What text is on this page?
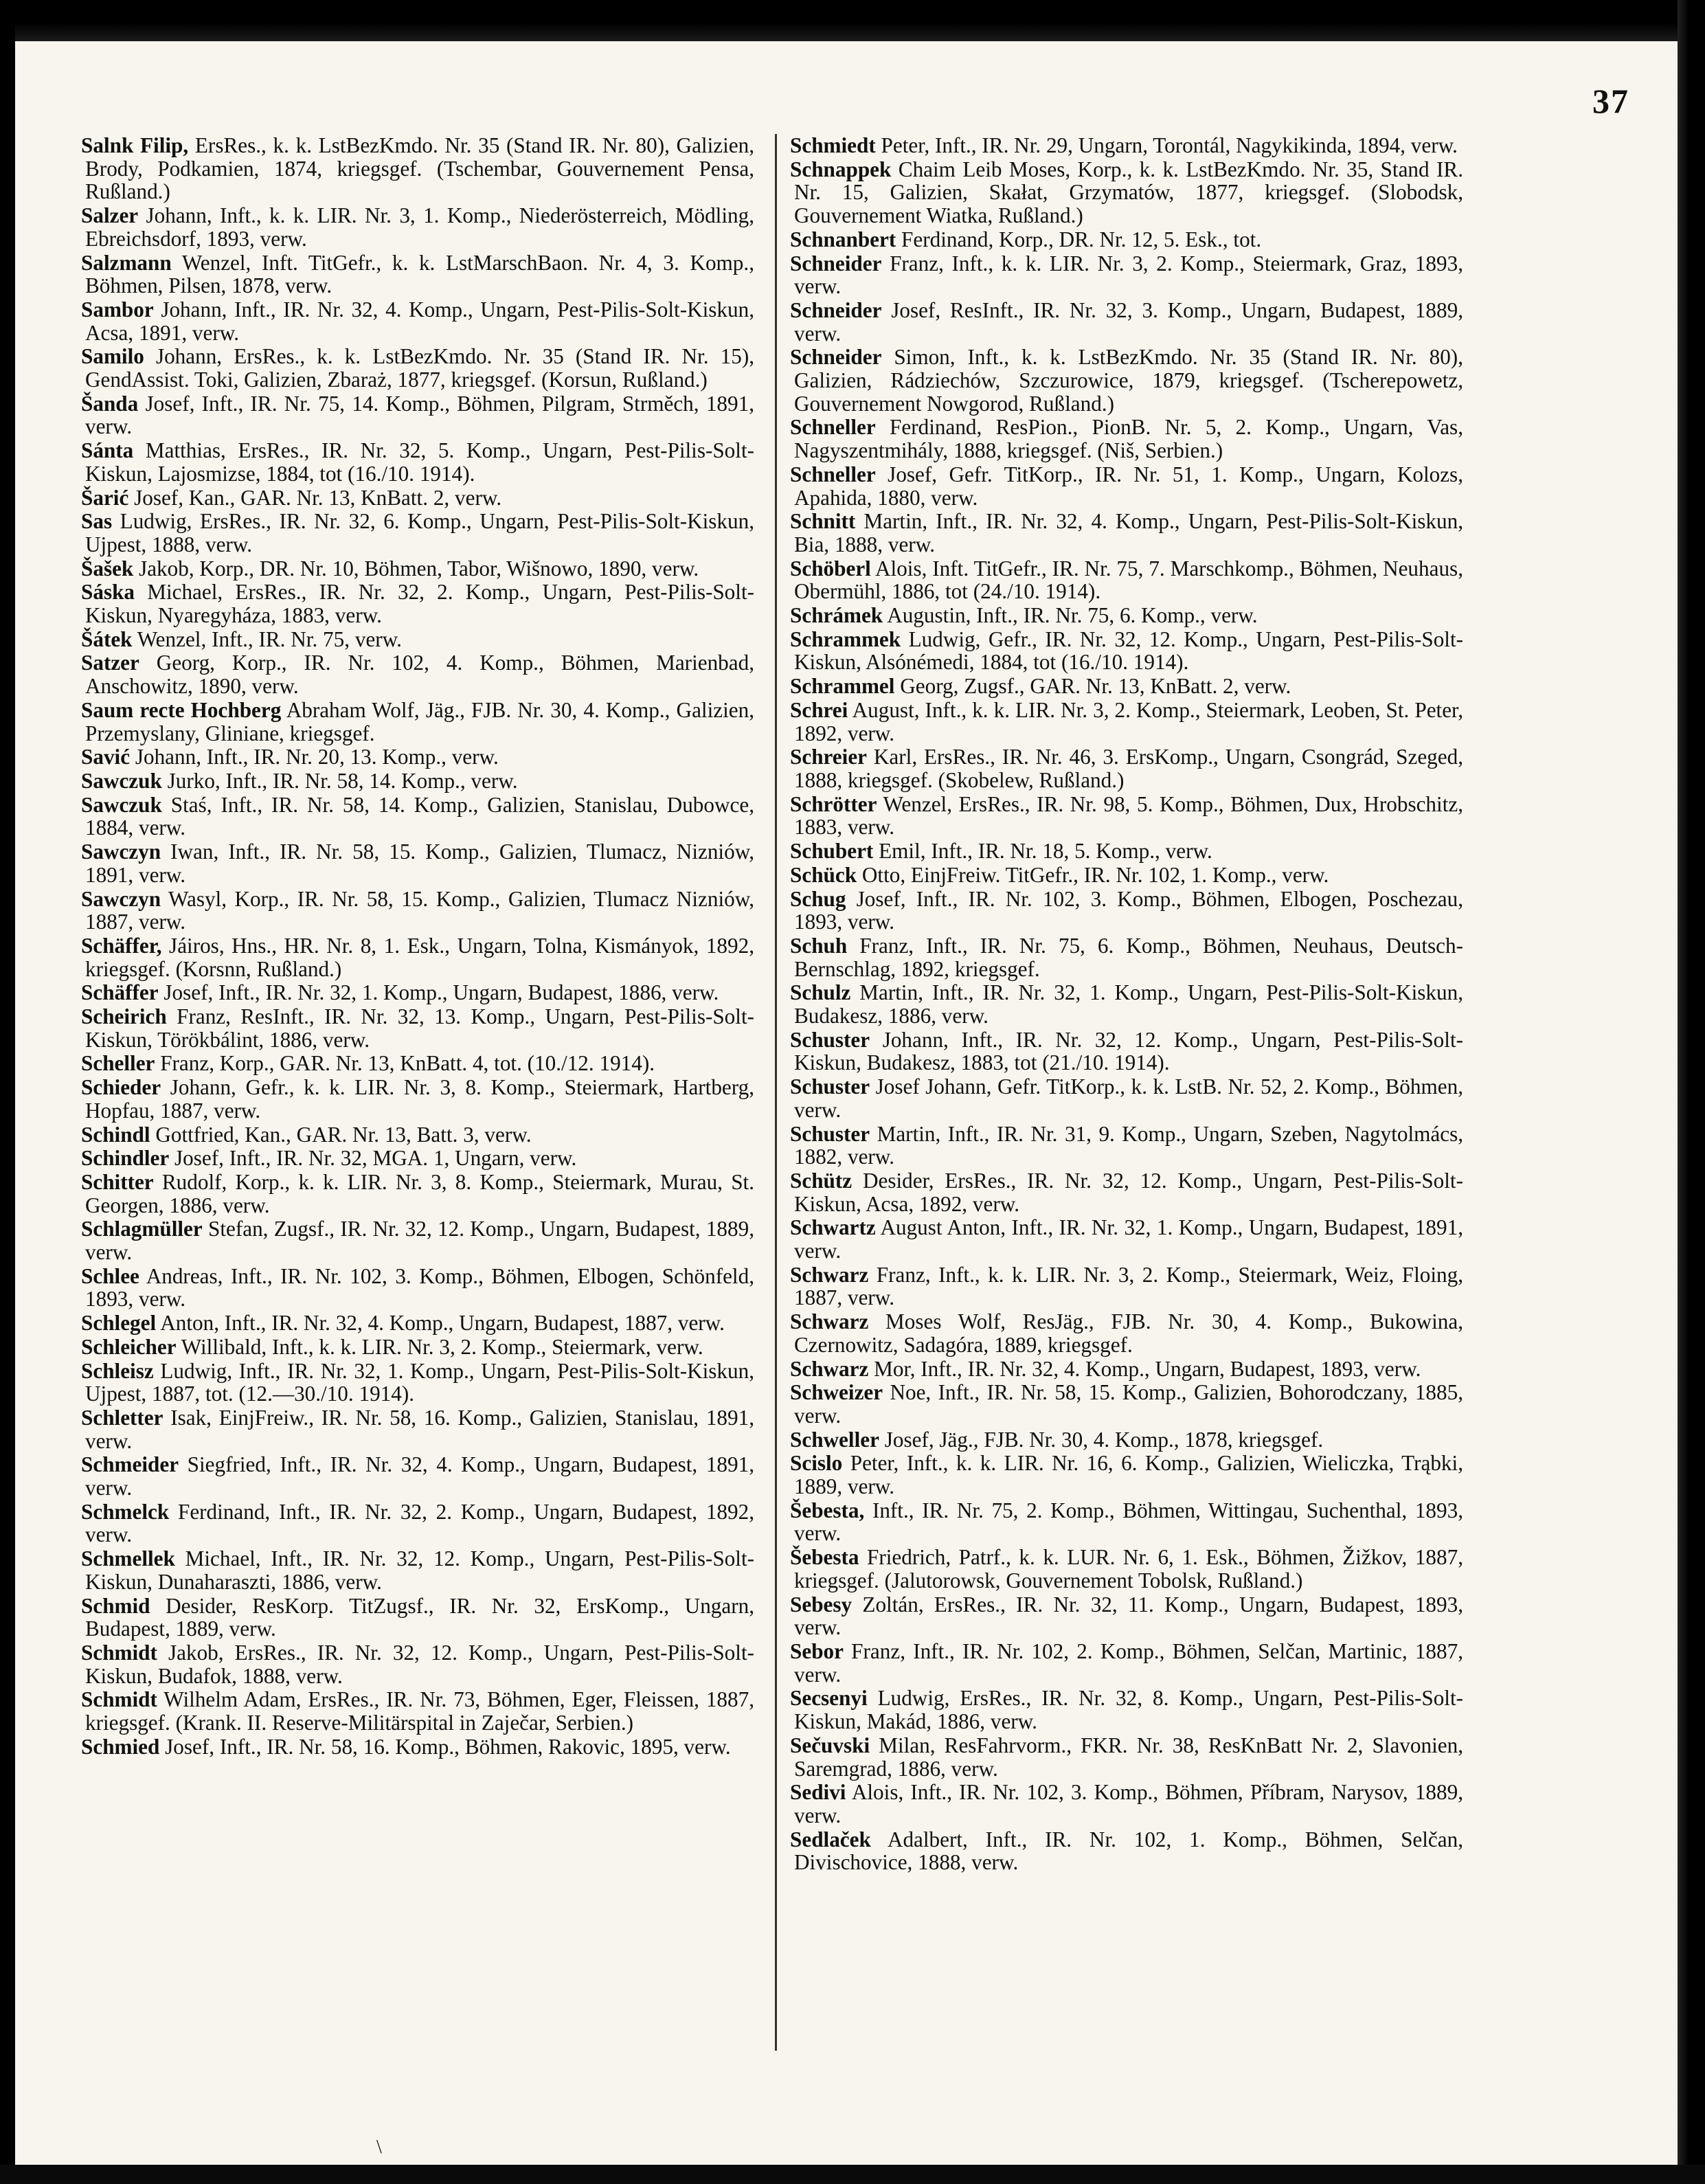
37

Salnk Filip, ErsRes., k. k. LstBezKmdo. Nr. 35 (Stand IR. Nr. 80), Galizien, Brody, Podkamien, 1874, kriegsgef. (Tschembar, Gouvernement Pensa, Rußland.)

Salzer Johann, Inft., k. k. LIR. Nr. 3, 1. Komp., Niederösterreich, Mödling, Ebreichsdorf, 1893, verw.

Salzmann Wenzel, Inft. TitGefr., k. k. LstMarschBaon. Nr. 4, 3. Komp., Böhmen, Pilsen, 1878, verw.

Sambor Johann, Inft., IR. Nr. 32, 4. Komp., Ungarn, Pest-Pilis-Solt-Kiskun, Acsa, 1891, verw.

Samilo Johann, ErsRes., k. k. LstBezKmdo. Nr. 35 (Stand IR. Nr. 15), GendAssist. Toki, Galizien, Zbaraż, 1877, kriegsgef. (Korsun, Rußland.)

Šanda Josef, Inft., IR. Nr. 75, 14. Komp., Böhmen, Pilgram, Strměch, 1891, verw.

Sánta Matthias, ErsRes., IR. Nr. 32, 5. Komp., Ungarn, Pest-Pilis-Solt-Kiskun, Lajosmizse, 1884, tot (16./10. 1914).

Šarić Josef, Kan., GAR. Nr. 13, KnBatt. 2, verw.

Sas Ludwig, ErsRes., IR. Nr. 32, 6. Komp., Ungarn, Pest-Pilis-Solt-Kiskun, Ujpest, 1888, verw.

Šašek Jakob, Korp., DR. Nr. 10, Böhmen, Tabor, Wišnowo, 1890, verw.

Sáska Michael, ErsRes., IR. Nr. 32, 2. Komp., Ungarn, Pest-Pilis-Solt-Kiskun, Nyaregyháza, 1883, verw.

Šátek Wenzel, Inft., IR. Nr. 75, verw.

Satzer Georg, Korp., IR. Nr. 102, 4. Komp., Böhmen, Marienbad, Anschowitz, 1890, verw.

Saum recte Hochberg Abraham Wolf, Jäg., FJB. Nr. 30, 4. Komp., Galizien, Przemyslany, Gliniane, kriegsgef.

Savić Johann, Inft., IR. Nr. 20, 13. Komp., verw.

Sawczuk Jurko, Inft., IR. Nr. 58, 14. Komp., verw.

Sawczuk Staś, Inft., IR. Nr. 58, 14. Komp., Galizien, Stanislau, Dubowce, 1884, verw.

Sawczyn Iwan, Inft., IR. Nr. 58, 15. Komp., Galizien, Tlumacz, Nizniów, 1891, verw.

Sawczyn Wasyl, Korp., IR. Nr. 58, 15. Komp., Galizien, Tlumacz Nizniów, 1887, verw.

Schäffer, Jáiros, Hns., HR. Nr. 8, 1. Esk., Ungarn, Tolna, Kismányok, 1892, kriegsgef. (Korsnn, Rußland.)

Schäffer Josef, Inft., IR. Nr. 32, 1. Komp., Ungarn, Budapest, 1886, verw.

Scheirich Franz, ResInft., IR. Nr. 32, 13. Komp., Ungarn, Pest-Pilis-Solt-Kiskun, Törökbálint, 1886, verw.

Scheller Franz, Korp., GAR. Nr. 13, KnBatt. 4, tot. (10./12. 1914).

Schieder Johann, Gefr., k. k. LIR. Nr. 3, 8. Komp., Steiermark, Hartberg, Hopfau, 1887, verw.

Schindl Gottfried, Kan., GAR. Nr. 13, Batt. 3, verw.

Schindler Josef, Inft., IR. Nr. 32, MGA. 1, Ungarn, verw.

Schitter Rudolf, Korp., k. k. LIR. Nr. 3, 8. Komp., Steiermark, Murau, St. Georgen, 1886, verw.

Schlagmüller Stefan, Zugsf., IR. Nr. 32, 12. Komp., Ungarn, Budapest, 1889, verw.

Schlee Andreas, Inft., IR. Nr. 102, 3. Komp., Böhmen, Elbogen, Schönfeld, 1893, verw.

Schlegel Anton, Inft., IR. Nr. 32, 4. Komp., Ungarn, Budapest, 1887, verw.

Schleicher Willibald, Inft., k. k. LIR. Nr. 3, 2. Komp., Steiermark, verw.

Schleisz Ludwig, Inft., IR. Nr. 32, 1. Komp., Ungarn, Pest-Pilis-Solt-Kiskun, Ujpest, 1887, tot. (12.—30./10. 1914).

Schletter Isak, EinjFreiw., IR. Nr. 58, 16. Komp., Galizien, Stanislau, 1891, verw.

Schmeider Siegfried, Inft., IR. Nr. 32, 4. Komp., Ungarn, Budapest, 1891, verw.

Schmelck Ferdinand, Inft., IR. Nr. 32, 2. Komp., Ungarn, Budapest, 1892, verw.

Schmellek Michael, Inft., IR. Nr. 32, 12. Komp., Ungarn, Pest-Pilis-Solt-Kiskun, Dunaharaszti, 1886, verw.

Schmid Desider, ResKorp. TitZugsf., IR. Nr. 32, ErsKomp., Ungarn, Budapest, 1889, verw.

Schmidt Jakob, ErsRes., IR. Nr. 32, 12. Komp., Ungarn, Pest-Pilis-Solt-Kiskun, Budafok, 1888, verw.

Schmidt Wilhelm Adam, ErsRes., IR. Nr. 73, Böhmen, Eger, Fleissen, 1887, kriegsgef. (Krank. II. Reserve-Militärspital in Zaječar, Serbien.)

Schmied Josef, Inft., IR. Nr. 58, 16. Komp., Böhmen, Rakovic, 1895, verw.

Schmiedt Peter, Inft., IR. Nr. 29, Ungarn, Torontál, Nagykikinda, 1894, verw.

Schnappek Chaim Leib Moses, Korp., k. k. LstBezKmdo. Nr. 35, Stand IR. Nr. 15, Galizien, Skałat, Grzymatów, 1877, kriegsgef. (Slobodsk, Gouvernement Wiatka, Rußland.)

Schnanbert Ferdinand, Korp., DR. Nr. 12, 5. Esk., tot.

Schneider Franz, Inft., k. k. LIR. Nr. 3, 2. Komp., Steiermark, Graz, 1893, verw.

Schneider Josef, ResInft., IR. Nr. 32, 3. Komp., Ungarn, Budapest, 1889, verw.

Schneider Simon, Inft., k. k. LstBezKmdo. Nr. 35 (Stand IR. Nr. 80), Galizien, Rádziechów, Szczurowice, 1879, kriegsgef. (Tscherepowetz, Gouvernement Nowgorod, Rußland.)

Schneller Ferdinand, ResPion., PionB. Nr. 5, 2. Komp., Ungarn, Vas, Nagyszentmihály, 1888, kriegsgef. (Niš, Serbien.)

Schneller Josef, Gefr. TitKorp., IR. Nr. 51, 1. Komp., Ungarn, Kolozs, Apahida, 1880, verw.

Schnitt Martin, Inft., IR. Nr. 32, 4. Komp., Ungarn, Pest-Pilis-Solt-Kiskun, Bia, 1888, verw.

Schöberl Alois, Inft. TitGefr., IR. Nr. 75, 7. Marschkomp., Böhmen, Neuhaus, Obermühl, 1886, tot (24./10. 1914).

Schrámek Augustin, Inft., IR. Nr. 75, 6. Komp., verw.

Schrammek Ludwig, Gefr., IR. Nr. 32, 12. Komp., Ungarn, Pest-Pilis-Solt-Kiskun, Alsónémedi, 1884, tot (16./10. 1914).

Schrammel Georg, Zugsf., GAR. Nr. 13, KnBatt. 2, verw.

Schrei August, Inft., k. k. LIR. Nr. 3, 2. Komp., Steiermark, Leoben, St. Peter, 1892, verw.

Schreier Karl, ErsRes., IR. Nr. 46, 3. ErsKomp., Ungarn, Csongrád, Szeged, 1888, kriegsgef. (Skobelew, Rußland.)

Schrötter Wenzel, ErsRes., IR. Nr. 98, 5. Komp., Böhmen, Dux, Hrobschitz, 1883, verw.

Schubert Emil, Inft., IR. Nr. 18, 5. Komp., verw.

Schück Otto, EinjFreiw. TitGefr., IR. Nr. 102, 1. Komp., verw.

Schug Josef, Inft., IR. Nr. 102, 3. Komp., Böhmen, Elbogen, Poschezau, 1893, verw.

Schuh Franz, Inft., IR. Nr. 75, 6. Komp., Böhmen, Neuhaus, Deutsch-Bernschlag, 1892, kriegsgef.

Schulz Martin, Inft., IR. Nr. 32, 1. Komp., Ungarn, Pest-Pilis-Solt-Kiskun, Budakesz, 1886, verw.

Schuster Johann, Inft., IR. Nr. 32, 12. Komp., Ungarn, Pest-Pilis-Solt-Kiskun, Budakesz, 1883, tot (21./10. 1914).

Schuster Josef Johann, Gefr. TitKorp., k. k. LstB. Nr. 52, 2. Komp., Böhmen, verw.

Schuster Martin, Inft., IR. Nr. 31, 9. Komp., Ungarn, Szeben, Nagytolmács, 1882, verw.

Schütz Desider, ErsRes., IR. Nr. 32, 12. Komp., Ungarn, Pest-Pilis-Solt-Kiskun, Acsa, 1892, verw.

Schwartz August Anton, Inft., IR. Nr. 32, 1. Komp., Ungarn, Budapest, 1891, verw.

Schwarz Franz, Inft., k. k. LIR. Nr. 3, 2. Komp., Steiermark, Weiz, Floing, 1887, verw.

Schwarz Moses Wolf, ResJäg., FJB. Nr. 30, 4. Komp., Bukowina, Czernowitz, Sadagóra, 1889, kriegsgef.

Schwarz Mor, Inft., IR. Nr. 32, 4. Komp., Ungarn, Budapest, 1893, verw.

Schweizer Noe, Inft., IR. Nr. 58, 15. Komp., Galizien, Bohorodczany, 1885, verw.

Schweller Josef, Jäg., FJB. Nr. 30, 4. Komp., 1878, kriegsgef.

Scislo Peter, Inft., k. k. LIR. Nr. 16, 6. Komp., Galizien, Wieliczka, Trąbki, 1889, verw.

Šebesta, Inft., IR. Nr. 75, 2. Komp., Böhmen, Wittingau, Suchenthal, 1893, verw.

Šebesta Friedrich, Patrf., k. k. LUR. Nr. 6, 1. Esk., Böhmen, Žižkov, 1887, kriegsgef. (Jalutorowsk, Gouvernement Tobolsk, Rußland.)

Sebesy Zoltán, ErsRes., IR. Nr. 32, 11. Komp., Ungarn, Budapest, 1893, verw.

Sebor Franz, Inft., IR. Nr. 102, 2. Komp., Böhmen, Selčan, Martinic, 1887, verw.

Secsenyi Ludwig, ErsRes., IR. Nr. 32, 8. Komp., Ungarn, Pest-Pilis-Solt-Kiskun, Makád, 1886, verw.

Sečuvski Milan, ResFahrvorm., FKR. Nr. 38, ResKnBatt Nr. 2, Slavonien, Saremgrad, 1886, verw.

Sedivi Alois, Inft., IR. Nr. 102, 3. Komp., Böhmen, Příbram, Narysov, 1889, verw.

Sedlaček Adalbert, Inft., IR. Nr. 102, 1. Komp., Böhmen, Selčan, Divischovice, 1888, verw.

\
